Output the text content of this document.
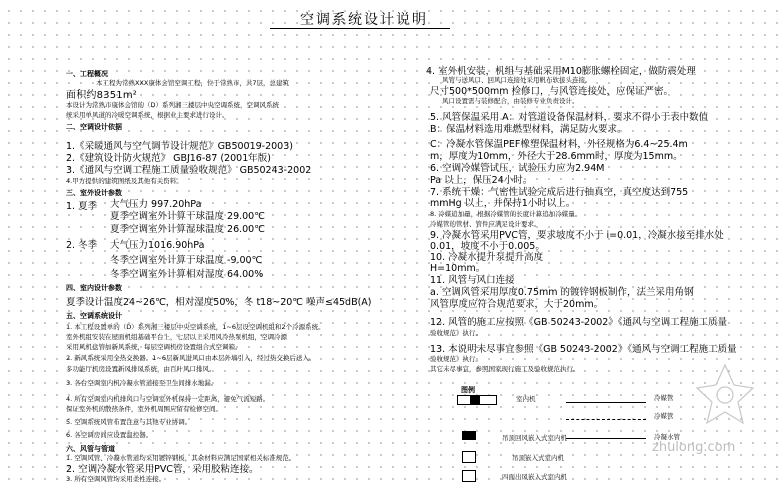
空调系统设计说明
一、工程概况
本工程为常熟XXX康体会馆空调工程，位于常熟市，共7层，总建筑
面积约8351m²
本设计为常熟市康体会馆的（D）系列湘三楼层中央空调系统，空调风系统
统采用单风道的冷暖空调系统，根据业主要求进行设计。
二、空调设计依据
1.《采暖通风与空气调节设计规范》GB50019-2003)
2.《建筑设计防火规范》 GBJ16-87 (2001年版)
3.《通风与空调工程施工质量验收规范》 GB50243-2002
4.甲方提供的建筑图纸及其他有关资料。
三、室外设计参数
1. 夏季 大气压力 997.20hPa
夏季空调室外计算干球温度 29.00℃
夏季空调室外计算湿球温度 26.00℃
2. 冬季 大气压力1016.90hPa
冬季空调室外计算干球温度 -9.00℃
冬季空调室外计算相对湿度 64.00%
四、室内设计参数
夏季设计温度24~26℃，相对湿度50%，冬 t18~20℃ 噪声≤45dB(A)
五、空调系统设计
1. 本工程设置单的（D）系列湘三楼层中央空调系统，1~6层设空调机组和2个冷源系统。
室外机组安装在屋面机组基础平台上，七层以上采用风冷热泵机组，空调冷源
采用风机盘管加新风系统，每层空调机房设置组合式空调箱。
2. 新风系统采用全热交换器。1~6层新风进风口由本层外墙引入，经过热交换后送入。
多功能厅机房设置新风排风系统，由百叶风口排风。
3. 各台空调室内机冷凝水管道接至卫生间排水地漏。
4. 所有空调室内机排风口与空调室外机保持一定距离，避免气流短路。
保证室外机的散热条件，室外机周围应留有检修空间。
5. 空调系统风管布置注意与其他专业协调。
6. 各空调房间应设置温控器。
六、风管与管道
1. 空调风管、冷凝水管道均采用镀锌钢板，其余材料应满足国家相关标准规范。
2. 空调冷凝水管采用PVC管，采用胶粘连接。
3. 所有空调风管均采用柔性连接。
4. 室外机安装，机组与基础采用M10膨胀螺栓固定，做防震处理
风管与送风口、回风口连接处采用帆布软接头连接。
尺寸500*500mm 检修口，与风管连接处，应保证严密。
风口设置需与装修配合，由装修专业负责设计。
5. 风管保温采用 A：对管道设备保温材料，要求不得小于表中数值
B：保温材料选用难燃型材料，满足防火要求。
C：冷凝水管保温PEF橡塑保温材料，外径规格为6.4~25.4m
m，厚度为10mm，外径大于28.6mm时，厚度为15mm。
6. 空调冷媒管试压，试验压力应为2.94M
Pa 以上，保压24小时。
7. 系统干燥：气密性试验完成后进行抽真空，真空度达到755
mmHg 以上，并保持1小时以上。
8. 冷媒追加量，根据冷媒管的长度计算追加冷媒量。
冷媒管的管材、管件应满足设计要求。
9. 冷凝水管采用PVC管，要求坡度不小于 i=0.01，冷凝水接至排水处
0.01，坡度不小于0.005。
10. 冷凝水提升泵提升高度
H=10mm。
11. 风管与风口连接
a. 空调风管采用厚度0.75mm 的镀锌钢板制作，法兰采用角钢
风管厚度应符合规范要求，大于20mm。
12. 风管的施工应按照《GB 50243-2002》《通风与空调工程施工质量
验收规范》执行。
13. 本说明未尽事宜参照《GB 50243-2002》《通风与空调工程施工质量
验收规范》执行。
其它未尽事宜，参照国家现行施工及验收规范执行。
图例
室内机
吊顶回风嵌入式室内机
吊顶嵌入式室内机
四面出风嵌入式室内机
冷媒管
冷媒管
冷凝水管
zhulong.com
